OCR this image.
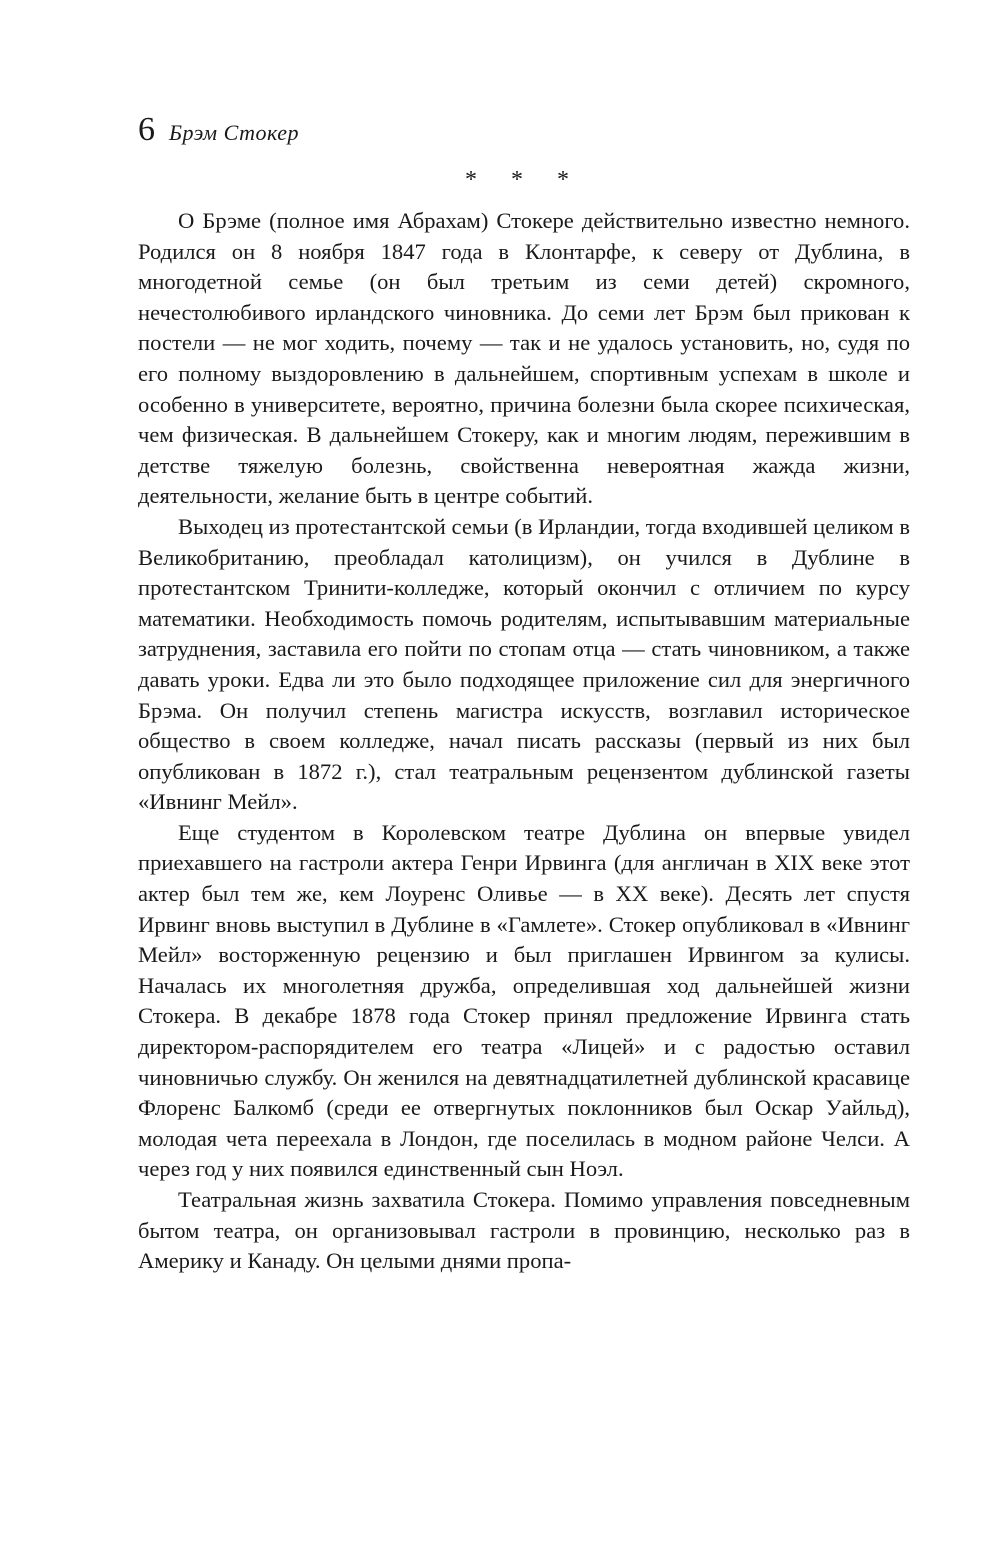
6 Брэм Стокер
* * *

О Брэме (полное имя Абрахам) Стокере действительно известно немного. Родился он 8 ноября 1847 года в Клонтарфе, к северу от Дублина, в многодетной семье (он был третьим из семи детей) скромного, нечестолюбивого ирландского чиновника. До семи лет Брэм был прикован к постели — не мог ходить, почему — так и не удалось установить, но, судя по его полному выздоровлению в дальнейшем, спортивным успехам в школе и особенно в университете, вероятно, причина болезни была скорее психическая, чем физическая. В дальнейшем Стокеру, как и многим людям, пережившим в детстве тяжелую болезнь, свойственна невероятная жажда жизни, деятельности, желание быть в центре событий.

Выходец из протестантской семьи (в Ирландии, тогда входившей целиком в Великобританию, преобладал католицизм), он учился в Дублине в протестантском Тринити-колледже, который окончил с отличием по курсу математики. Необходимость помочь родителям, испытывавшим материальные затруднения, заставила его пойти по стопам отца — стать чиновником, а также давать уроки. Едва ли это было подходящее приложение сил для энергичного Брэма. Он получил степень магистра искусств, возглавил историческое общество в своем колледже, начал писать рассказы (первый из них был опубликован в 1872 г.), стал театральным рецензентом дублинской газеты «Ивнинг Мейл».

Еще студентом в Королевском театре Дублина он впервые увидел приехавшего на гастроли актера Генри Ирвинга (для англичан в XIX веке этот актер был тем же, кем Лоуренс Оливье — в XX веке). Десять лет спустя Ирвинг вновь выступил в Дублине в «Гамлете». Стокер опубликовал в «Ивнинг Мейл» восторженную рецензию и был приглашен Ирвингом за кулисы. Началась их многолетняя дружба, определившая ход дальнейшей жизни Стокера. В декабре 1878 года Стокер принял предложение Ирвинга стать директором-распорядителем его театра «Лицей» и с радостью оставил чиновничью службу. Он женился на девятнадцатилетней дублинской красавице Флоренс Балкомб (среди ее отвергнутых поклонников был Оскар Уайльд), молодая чета переехала в Лондон, где поселилась в модном районе Челси. А через год у них появился единственный сын Ноэл.

Театральная жизнь захватила Стокера. Помимо управления повседневным бытом театра, он организовывал гастроли в провинцию, несколько раз в Америку и Канаду. Он целыми днями пропа-
